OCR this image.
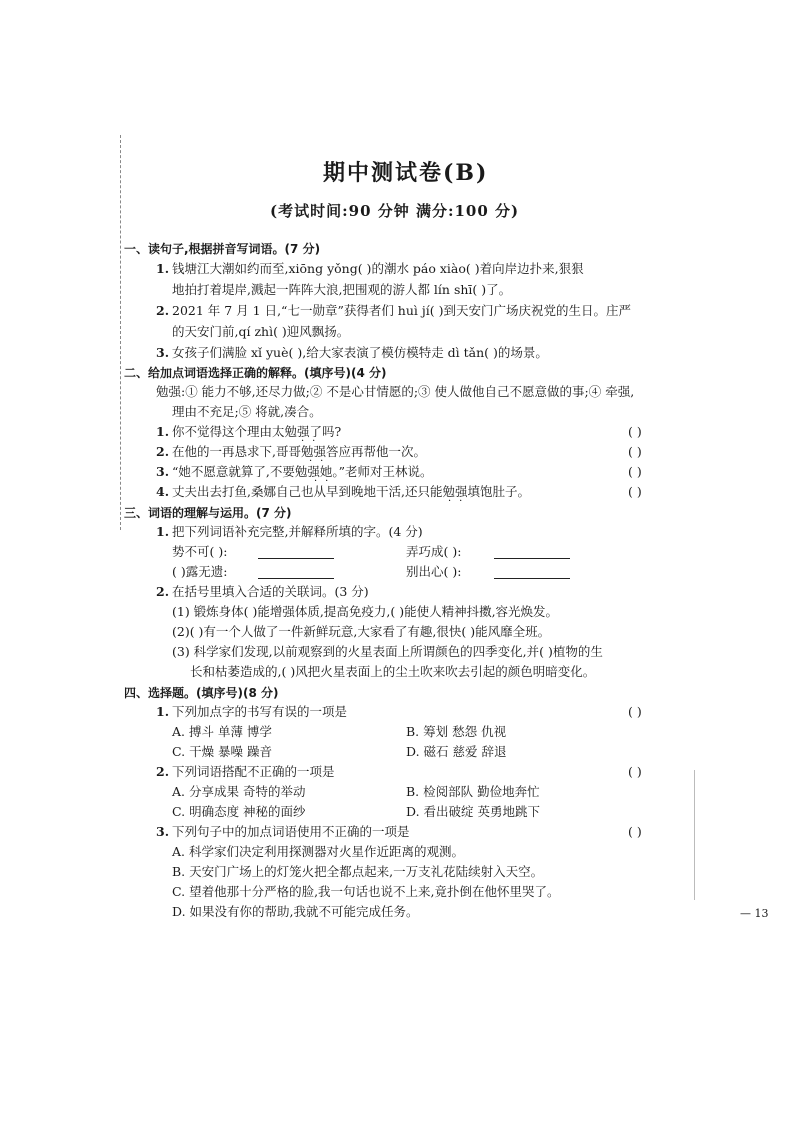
期中测试卷(B)
(考试时间:90 分钟 满分:100 分)
一、读句子,根据拼音写词语。(7 分)
1. 钱塘江大潮如约而至,xiōng yǒng( )的潮水 páo xiào( )着向岸边扑来,狠狠
地拍打着堤岸,溅起一阵阵大浪,把围观的游人都 lín shī( )了。
2. 2021 年 7 月 1 日,“七一勋章”获得者们 huì jí( )到天安门广场庆祝党的生日。庄严
的天安门前,qí zhì( )迎风飘扬。
3. 女孩子们满脸 xǐ yuè( ),给大家表演了模仿模特走 dì tǎn( )的场景。
二、给加点词语选择正确的解释。(填序号)(4 分)
勉强:① 能力不够,还尽力做;② 不是心甘情愿的;③ 使人做他自己不愿意做的事;④ 牵强,
理由不充足;⑤ 将就,凑合。
1. 你不觉得这个理由太勉强了吗?	( )
··
2. 在他的一再恳求下,哥哥勉强答应再帮他一次。	( )
··
3. “她不愿意就算了,不要勉强她。”老师对王林说。	( )
··
4. 丈夫出去打鱼,桑娜自己也从早到晚地干活,还只能勉强填饱肚子。	( )
··
三、词语的理解与运用。(7 分)
1. 把下列词语补充完整,并解释所填的字。(4 分)
势不可( ):	弄巧成( ):
( )露无遗:	别出心( ):
2. 在括号里填入合适的关联词。(3 分)
(1) 锻炼身体( )能增强体质,提高免疫力,( )能使人精神抖擞,容光焕发。
(2)( )有一个人做了一件新鲜玩意,大家看了有趣,很快( )能风靡全班。
(3) 科学家们发现,以前观察到的火星表面上所谓颜色的四季变化,并( )植物的生
长和枯萎造成的,( )风把火星表面上的尘土吹来吹去引起的颜色明暗变化。
四、选择题。(填序号)(8 分)
1. 下列加点字的书写有误的一项是	( )
A. 搏斗 单薄 博学	B. 筹划 愁怨 仇视
C. 干燥 暴噪 躁音	D. 磁石 慈爱 辞退
2. 下列词语搭配不正确的一项是	( )
A. 分享成果 奇特的举动	B. 检阅部队 勤俭地奔忙
C. 明确态度 神秘的面纱	D. 看出破绽 英勇地跳下
3. 下列句子中的加点词语使用不正确的一项是	( )
A. 科学家们决定利用探测器对火星作近距离的观测。
B. 天安门广场上的灯笼火把全都点起来,一万支礼花陆续射入天空。
C. 望着他那十分严格的脸,我一句话也说不上来,竟扑倒在他怀里哭了。
D. 如果没有你的帮助,我就不可能完成任务。	— 13
